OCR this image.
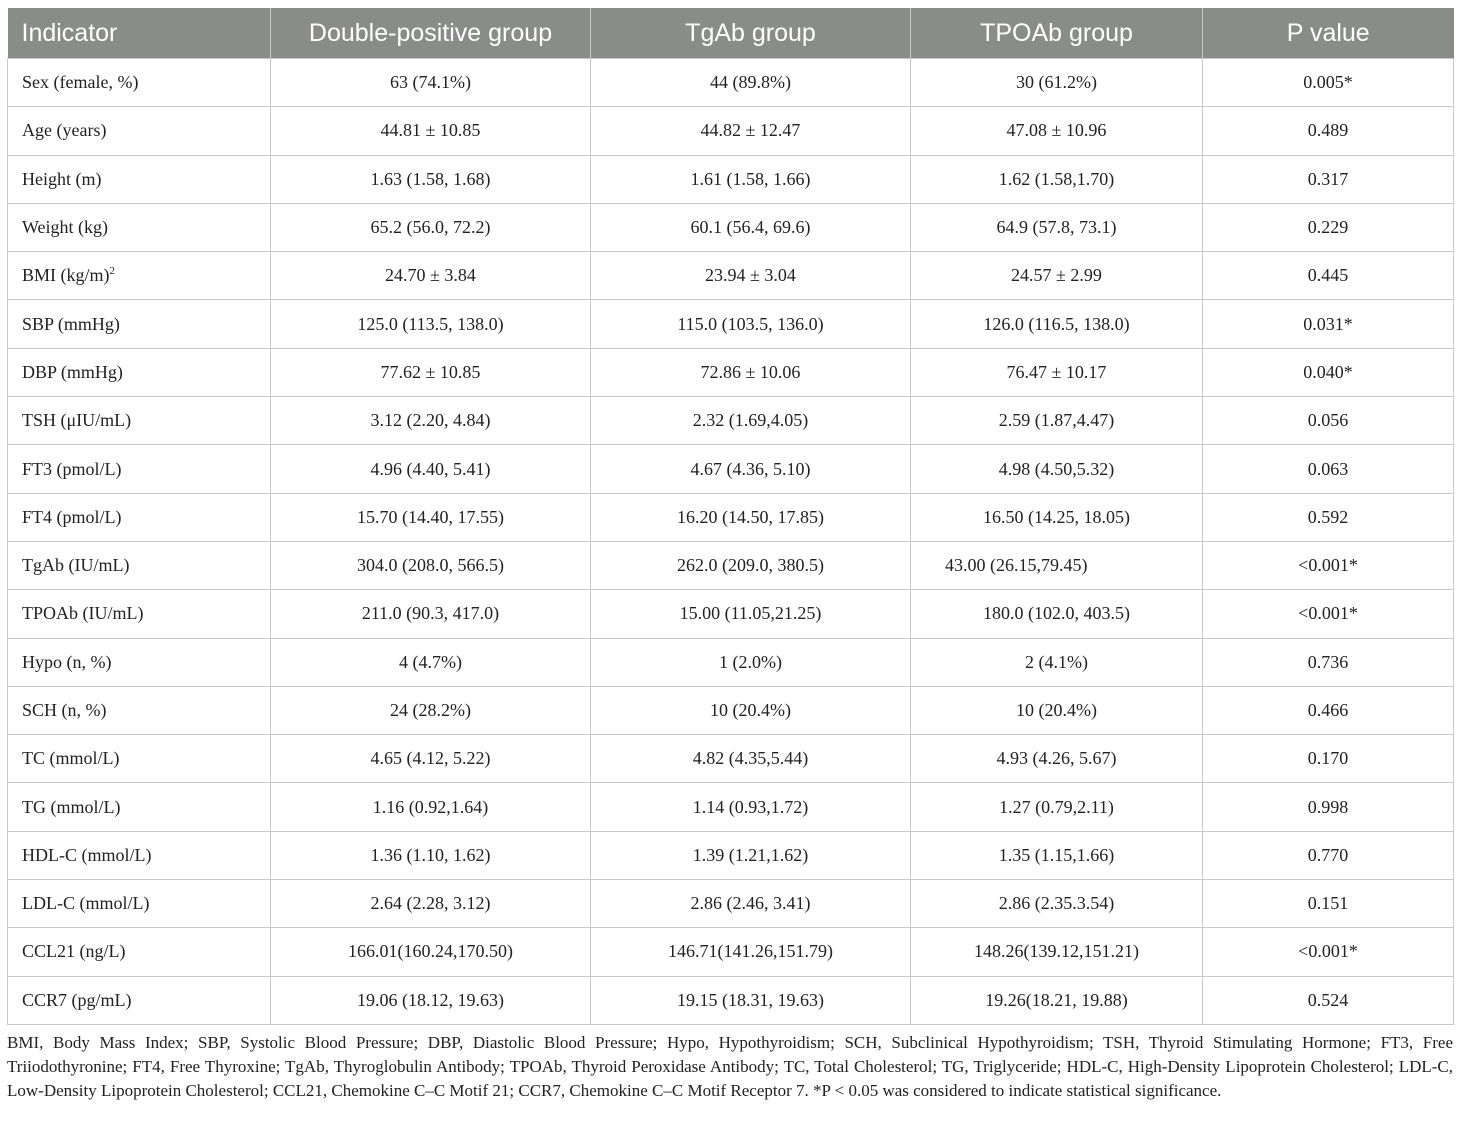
Indicator	Double-positive group	TgAb group	TPOAb group	P value
Sex (female, %)	63 (74.1%)	44 (89.8%)	30 (61.2%)	0.005*
Age (years)	44.81 ± 10.85	44.82 ± 12.47	47.08 ± 10.96	0.489
Height (m)	1.63 (1.58, 1.68)	1.61 (1.58, 1.66)	1.62 (1.58,1.70)	0.317
Weight (kg)	65.2 (56.0, 72.2)	60.1 (56.4, 69.6)	64.9 (57.8, 73.1)	0.229
BMI $(kg/m)^2$	24.70 ± 3.84	23.94 ± 3.04	24.57 ± 2.99	0.445
SBP (mmHg)	125.0 (113.5, 138.0)	115.0 (103.5, 136.0)	126.0 (116.5, 138.0)	0.031*
DBP (mmHg)	77.62 ± 10.85	72.86 ± 10.06	76.47 ± 10.17	0.040*
TSH (μIU/mL)	3.12 (2.20, 4.84)	2.32 (1.69,4.05)	2.59 (1.87,4.47)	0.056
FT3 (pmol/L)	4.96 (4.40, 5.41)	4.67 (4.36, 5.10)	4.98 (4.50,5.32)	0.063
FT4 (pmol/L)	15.70 (14.40, 17.55)	16.20 (14.50, 17.85)	16.50 (14.25, 18.05)	0.592
TgAb (IU/mL)	304.0 (208.0, 566.5)	262.0 (209.0, 380.5)	43.00 (26.15,79.45)	<0.001*
TPOAb (IU/mL)	211.0 (90.3, 417.0)	15.00 (11.05,21.25)	180.0 (102.0, 403.5)	<0.001*
Hypo (n, %)	4 (4.7%)	1 (2.0%)	2 (4.1%)	0.736
SCH (n, %)	24 (28.2%)	10 (20.4%)	10 (20.4%)	0.466
TC (mmol/L)	4.65 (4.12, 5.22)	4.82 (4.35,5.44)	4.93 (4.26, 5.67)	0.170
TG (mmol/L)	1.16 (0.92,1.64)	1.14 (0.93,1.72)	1.27 (0.79,2.11)	0.998
HDL-C (mmol/L)	1.36 (1.10, 1.62)	1.39 (1.21,1.62)	1.35 (1.15,1.66)	0.770
LDL-C (mmol/L)	2.64 (2.28, 3.12)	2.86 (2.46, 3.41)	2.86 (2.35.3.54)	0.151
CCL21 (ng/L)	166.01(160.24,170.50)	146.71(141.26,151.79)	148.26(139.12,151.21)	<0.001*
CCR7 (pg/mL)	19.06 (18.12, 19.63)	19.15 (18.31, 19.63)	19.26(18.21, 19.88)	0.524
BMI, Body Mass Index; SBP, Systolic Blood Pressure; DBP, Diastolic Blood Pressure; Hypo, Hypothyroidism; SCH, Subclinical Hypothyroidism; TSH, Thyroid Stimulating Hormone; FT3, Free Triiodothyronine; FT4, Free Thyroxine; TgAb, Thyroglobulin Antibody; TPOAb, Thyroid Peroxidase Antibody; TC, Total Cholesterol; TG, Triglyceride; HDL-C, High-Density Lipoprotein Cholesterol; LDL-C, Low-Density Lipoprotein Cholesterol; CCL21, Chemokine C–C Motif 21; CCR7, Chemokine C–C Motif Receptor 7. *P < 0.05 was considered to indicate statistical significance.
